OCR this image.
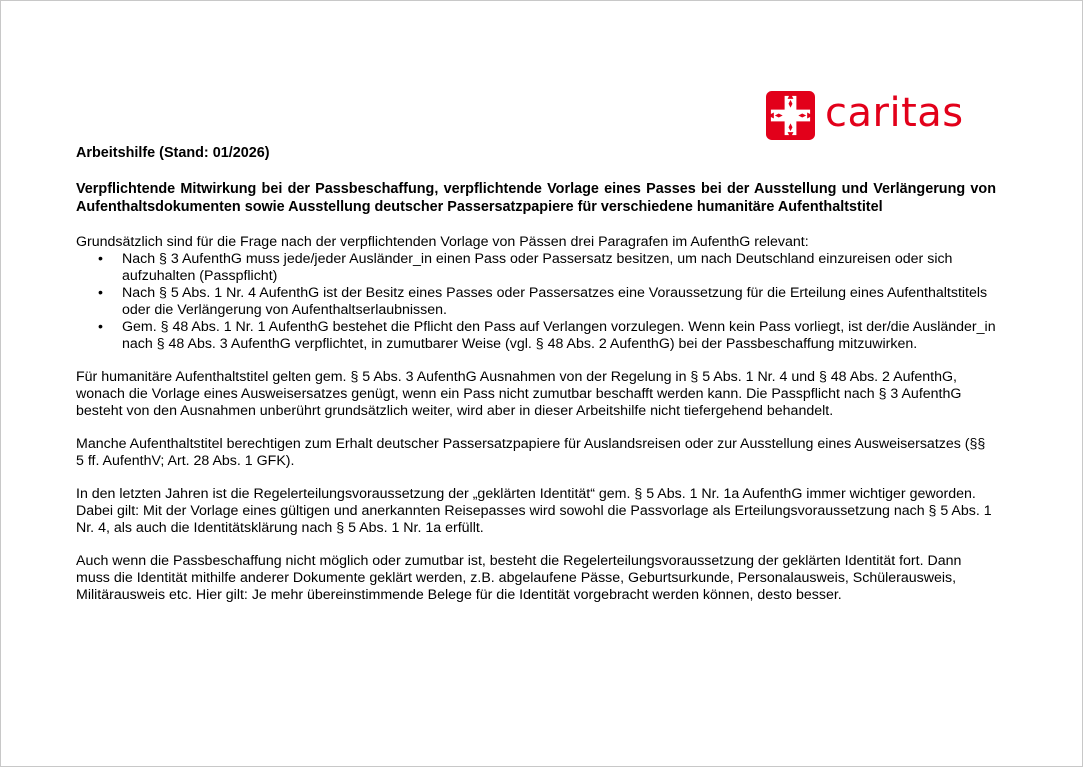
caritas
Arbeitshilfe (Stand: 01/2026)
Verpflichtende Mitwirkung bei der Passbeschaffung, verpflichtende Vorlage eines Passes bei der Ausstellung und Verlängerung von Aufenthaltsdokumenten sowie Ausstellung deutscher Passersatzpapiere für verschiedene humanitäre Aufenthaltstitel

Grundsätzlich sind für die Frage nach der verpflichtenden Vorlage von Pässen drei Paragrafen im AufenthG relevant:

• Nach § 3 AufenthG muss jede/jeder Ausländer_in einen Pass oder Passersatz besitzen, um nach Deutschland einzureisen oder sich aufzuhalten (Passpflicht)
• Nach § 5 Abs. 1 Nr. 4 AufenthG ist der Besitz eines Passes oder Passersatzes eine Voraussetzung für die Erteilung eines Aufenthaltstitels oder die Verlängerung von Aufenthaltserlaubnissen.
• Gem. § 48 Abs. 1 Nr. 1 AufenthG bestehet die Pflicht den Pass auf Verlangen vorzulegen. Wenn kein Pass vorliegt, ist der/die Ausländer_in nach § 48 Abs. 3 AufenthG verpflichtet, in zumutbarer Weise (vgl. § 48 Abs. 2 AufenthG) bei der Passbeschaffung mitzuwirken.

Für humanitäre Aufenthaltstitel gelten gem. § 5 Abs. 3 AufenthG Ausnahmen von der Regelung in § 5 Abs. 1 Nr. 4 und § 48 Abs. 2 AufenthG, wonach die Vorlage eines Ausweisersatzes genügt, wenn ein Pass nicht zumutbar beschafft werden kann. Die Passpflicht nach § 3 AufenthG besteht von den Ausnahmen unberührt grundsätzlich weiter, wird aber in dieser Arbeitshilfe nicht tiefergehend behandelt.

Manche Aufenthaltstitel berechtigen zum Erhalt deutscher Passersatzpapiere für Auslandsreisen oder zur Ausstellung eines Ausweisersatzes (§§ 5 ff. AufenthV; Art. 28 Abs. 1 GFK).

In den letzten Jahren ist die Regelerteilungsvoraussetzung der „geklärten Identität“ gem. § 5 Abs. 1 Nr. 1a AufenthG immer wichtiger geworden. Dabei gilt: Mit der Vorlage eines gültigen und anerkannten Reisepasses wird sowohl die Passvorlage als Erteilungsvoraussetzung nach § 5 Abs. 1 Nr. 4, als auch die Identitätsklärung nach § 5 Abs. 1 Nr. 1a erfüllt.

Auch wenn die Passbeschaffung nicht möglich oder zumutbar ist, besteht die Regelerteilungsvoraussetzung der geklärten Identität fort. Dann muss die Identität mithilfe anderer Dokumente geklärt werden, z.B. abgelaufene Pässe, Geburtsurkunde, Personalausweis, Schülerausweis, Militärausweis etc. Hier gilt: Je mehr übereinstimmende Belege für die Identität vorgebracht werden können, desto besser.
